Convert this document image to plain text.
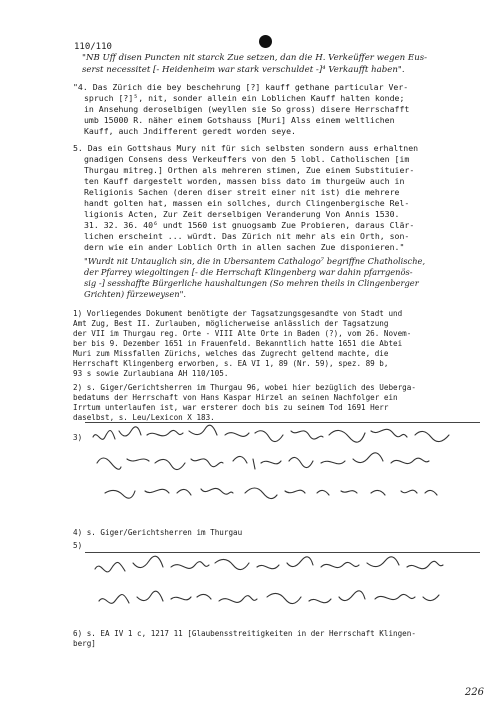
110/110
"NB Uff disen Puncten nit starck Zue setzen, dan die H. Verkeüffer wegen Eus-
serst necessitet [- Heidenheim war stark verschuldet -]⁴ Verkaufft haben".
"4. Das Zürich die bey beschehrung [?] kauff gethane particular Ver-
spruch [?]⁵, nit, sonder allein ein Loblichen Kauff halten konde;
in Ansehung deroselbigen (weyllen sie So gross) disere Herrschafft
umb 15000 R. näher einem Gotshauss [Muri] Alss einem weltlichen
Kauff, auch Jndifferent geredt worden seye.
5. Das ein Gottshaus Mury nit für sich selbsten sondern auss erhaltnen
gnadigen Consens dess Verkeuffers von den 5 lobl. Catholischen [im
Thurgau mitreg.] Orthen als mehreren stimen, Zue einem Substituier-
ten Kauff dargestelt worden, massen biss dato im thurgeüw auch in
Religionis Sachen (deren diser streit einer nit ist) die mehrere
handt golten hat, massen ein sollches, durch Clingenbergische Rel-
ligionis Acten, Zur Zeit derselbigen Veranderung Von Annis 1530.
31. 32. 36. 40⁶ undt 1560 ist gnuogsamb Zue Probieren, daraus Clär-
lichen erscheint ... würdt. Das Zürich nit mehr als ein Orth, son-
dern wie ein ander Loblich Orth in allen sachen Zue disponieren."
"Wurdt nit Untauglich sin, die in Ubersantem Cathalogo⁷ begriffne Chatholische,
der Pfarrey wiegoltingen [- die Herrschaft Klingenberg war dahin pfarrgenös-
sig -] sesshaffte Bürgerliche haushaltungen (So mehren theils in Clingenberger
Grichten) fürzeweysen".
1) Vorliegendes Dokument benötigte der Tagsatzungsgesandte von Stadt und
Amt Zug, Best II. Zurlauben, möglicherweise anlässlich der Tagsatzung
der VII im Thurgau reg. Orte - VIII Alte Orte in Baden (?), vom 26. Novem-
ber bis 9. Dezember 1651 in Frauenfeld. Bekanntlich hatte 1651 die Abtei
Muri zum Missfallen Zürichs, welches das Zugrecht geltend machte, die
Herrschaft Klingenberg erworben, s. EA VI 1, 89 (Nr. 59), spez. 89 b,
93 s sowie Zurlaubiana AH 110/105.
2) s. Giger/Gerichtsherren im Thurgau 96, wobei hier bezüglich des Ueberga-
bedatums der Herrschaft von Hans Kaspar Hirzel an seinen Nachfolger ein
Irrtum unterlaufen ist, war ersterer doch bis zu seinem Tod 1691 Herr
daselbst, s. Leu/Lexicon X 183.
3)
4) s. Giger/Gerichtsherren im Thurgau
5)
6) s. EA IV 1 c, 1217 11 [Glaubensstreitigkeiten in der Herrschaft Klingen-
berg]
226
